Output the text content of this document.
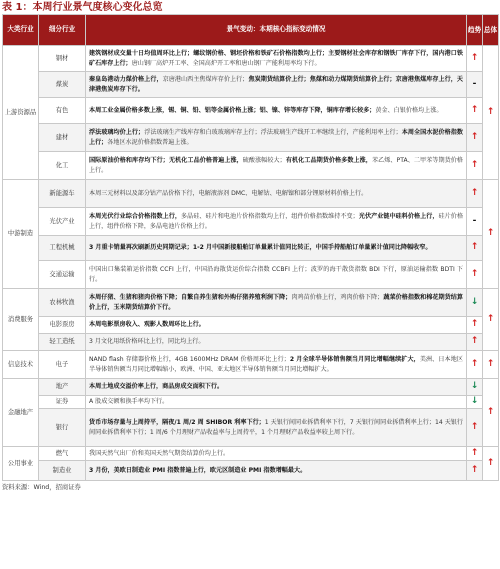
表 1：本周行业景气度核心变化总览
大类行业	细分行业	景气变动：本期核心指标变动情况	趋势	总体
上游资源品	钢材	建筑钢材成交量十日均值周环比上行；螺纹钢价格、钢坯价格和铁矿石价格指数均上行；主要钢材社会库存和钢铁厂库存下行，国内港口铁矿石库存上行；唐山钢厂高炉开工率、全国高炉开工率和唐山钢厂产能利用率均下行。	↑	↑
	煤炭	秦皇岛港动力煤价格上行，京唐港山西主焦煤库存价上行；焦炭期货结算价上行；焦煤和动力煤期货结算价上行；京唐港焦煤库存上行，天津港焦炭库存下行。	-	
	有色	本周工业金属价格多数上涨，锡、铜、铅、铝等金属价格上涨；铝、镍、锌等库存下降，铜库存增长较多；黄金、白银价格均上涨。	↑	
	建材	浮法玻璃均价上行；浮法玻璃生产线库存和白玻玻璃库存上行；浮法玻璃生产线开工率继续上行，产能利用率上行；本周全国水泥价格指数上行；各地区水泥价格指数普遍上涨。	↑	
	化工	国际原油价格和库存均下行；无机化工品价格普遍上涨，硫酸涨幅较大；有机化工品期货价格多数上涨，苯乙烯、PTA、二甲苯等期货价格上行。	↑	
中游制造	新能源车	本周三元材料以及部分钴产品价格下行，电解液溶剂 DMC、电解钴、电解镍和部分锂原材料价格上行。	↑	↑
	光伏产业	本周光伏行业综合价格指数上行，多晶硅、硅片和电池片价格指数均上行，组件价格指数维持不变；光伏产业链中硅料价格上行，硅片价格上行，组件价格下降，多晶电池片价格上行。	-	
	工程机械	3 月重卡销量再次刷新历史同期记录；1-2 月中国新接船舶订单量累计值同比转正，中国手持船舶订单量累计值同比降幅收窄。	↑	
	交通运输	中国出口集装箱运价指数 CCFI 上行，中国沿海散货运价综合指数 CCBFI 上行；波罗的海干散货指数 BDI 下行，原油运输指数 BDTI 下行。	↑	
消费服务	农林牧渔	本周仔猪、生猪和猪肉价格下降；自繁自养生猪和外购仔猪养殖利润下降；肉鸡苗价格上行，鸡肉价格下降；蔬菜价格指数和棉花期货结算价上行，玉米期货结算价下行。	↓	↑
	电影票房	本周电影票房收入、观影人数周环比上行。	↑	
	轻工造纸	3 月文化用纸价格环比上行，同比均上行。	↑	
信息技术	电子	NAND flash 存储器价格上行，4GB 1600MHz DRAM 价格周环比上行；2 月全球半导体销售额当月同比增幅继续扩大，美洲、日本地区半导体销售额当月同比增幅缩小，欧洲、中国、亚太地区半导体销售额当月同比增幅扩大。	↑	↑
金融地产	地产	本周土地成交溢价率上行，商品房成交面积下行。	↓	↑
	证券	A 股成交额和换手率均下行。	↓	
	银行	货币市场存量与上周持平，隔夜/1 周/2 周 SHIBOR 利率下行；1 天银行间同业拆借利率下行，7 天银行间同业拆借利率上行；14 天银行间同业拆借利率下行；1 周/6 个月理财产品收益率与上周持平，1 个月理财产品收益率较上周下行。	↑	
公用事业	燃气	我国天然气出厂价和英国天然气期货结算价均上行。	↑	↑
	制造业	3 月份，美欧日制造业 PMI 指数普遍上行，欧元区制造业 PMI 指数增幅最大。	↑	
资料来源：Wind，招商证券
